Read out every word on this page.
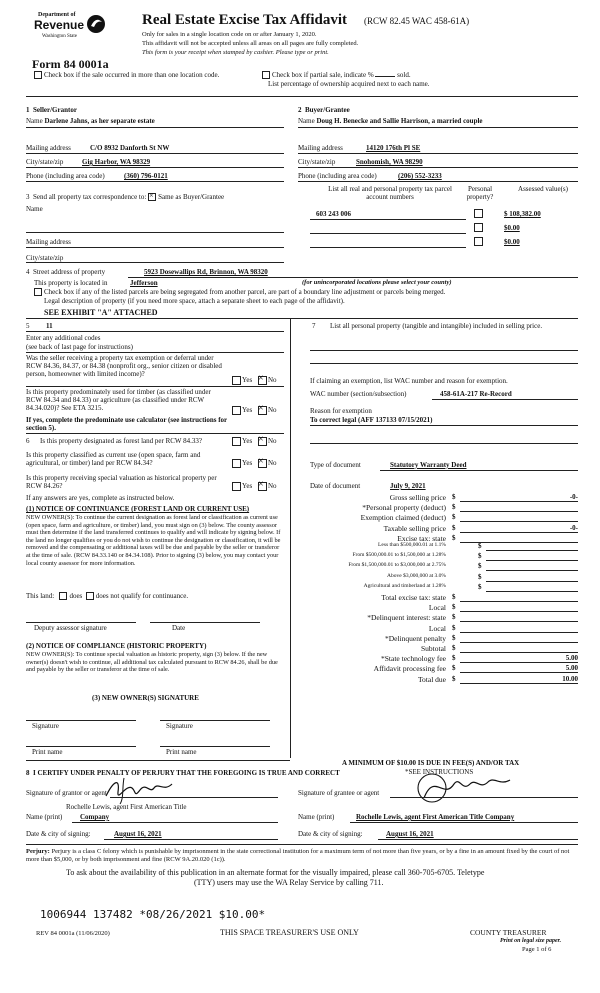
Department of
Revenue
Washington State
Real Estate Excise Tax Affidavit (RCW 82.45 WAC 458-61A)
Only for sales in a single location code on or after January 1, 2020.
This affidavit will not be accepted unless all areas on all pages are fully completed.
This form is your receipt when stamped by cashier. Please type or print.
Form 84 0001a
Check box if the sale occurred in more than one location code.	Check box if partial sale, indicate %	sold.
List percentage of ownership acquired next to each name.
1 Seller/Grantor
Name Darlene Jahns, as her separate estate
2 Buyer/Grantee
Name Doug H. Benecke and Sallie Harrison, a married couple
Mailing address	C/O 8932 Danforth St NW
City/state/zip	Gig Harbor, WA 98329
Phone (including area code)	(360) 796-0121
Mailing address	14120 176th Pl SE
City/state/zip	Snohomish, WA 98290
Phone (including area code)	(206) 552-3233
3 Send all property tax correspondence to: × Same as Buyer/Grantee
Name
Mailing address
City/state/zip
List all real and personal property tax parcel account numbers
Personal property?
Assessed value(s)
603 243 006	$ 108,382.00
$0.00
$0.00
4 Street address of property	5923 Dosewallips Rd, Brinnon, WA 98320
This property is located in	Jefferson	(for unincorporated locations please select your county)
Check box if any of the listed parcels are being segregated from another parcel, are part of a boundary line adjustment or parcels being merged.
Legal description of property (if you need more space, attach a separate sheet to each page of the affidavit).
SEE EXHIBIT "A" ATTACHED
5 11
Enter any additional codes
(see back of last page for instructions)
Was the seller receiving a property tax exemption or deferral under RCW 84.36, 84.37, or 84.38 (nonprofit org., senior citizen or disabled person, homeowner with limited income)?
Yes × No
Is this property predominately used for timber (as classified under RCW 84.34 and 84.33) or agriculture (as classified under RCW 84.34.020)? See ETA 3215.	Yes × No
If yes, complete the predominate use calculator (see instructions for section 5).
6 Is this property designated as forest land per RCW 84.33?	Yes × No
Is this property classified as current use (open space, farm and agricultural, or timber) land per RCW 84.34?	Yes × No
Is this property receiving special valuation as historical property per RCW 84.26?	Yes × No
If any answers are yes, complete as instructed below.
(1) NOTICE OF CONTINUANCE (FOREST LAND OR CURRENT USE)
NEW OWNER(S): To continue the current designation as forest land or classification as current use (open space, farm and agriculture, or timber) land, you must sign on (3) below. The county assessor must then determine if the land transferred continues to qualify and will indicate by signing below. If the land no longer qualifies or you do not wish to continue the designation or classification, it will be removed and the compensating or additional taxes will be due and payable by the seller or transferor at the time of sale. (RCW 84.33.140 or 84.34.108). Prior to signing (3) below, you may contact your local county assessor for more information.
This land: does does not qualify for continuance.
Deputy assessor signature	Date
(2) NOTICE OF COMPLIANCE (HISTORIC PROPERTY)
NEW OWNER(S): To continue special valuation as historic property, sign (3) below. If the new owner(s) doesn't wish to continue, all additional tax calculated pursuant to RCW 84.26, shall be due and payable by the seller or transferor at the time of sale.
(3) NEW OWNER(S) SIGNATURE
Signature	Signature
Print name	Print name
7 List all personal property (tangible and intangible) included in selling price.
If claiming an exemption, list WAC number and reason for exemption.
WAC number (section/subsection)	458-61A-217 Re-Record
Reason for exemption
To correct legal (AFF 137133 07/15/2021)
Type of document	Statutory Warranty Deed
Date of document	July 9, 2021
Gross selling price $	-0-
*Personal property (deduct) $
Exemption claimed (deduct) $
Taxable selling price $	-0-
Excise tax: state $
Less than $500,000.01 at 1.1%	$
From $500,000.01 to $1,500,000 at 1.28%	$
From $1,500,000.01 to $3,000,000 at 2.75%	$
Above $3,000,000 at 3.0%	$
Agricultural and timberland at 1.28%	$
Total excise tax: state $
Local $
*Delinquent interest: state $
Local $
*Delinquent penalty $
Subtotal $
*State technology fee $	5.00
Affidavit processing fee $	5.00
Total due $	10.00
A MINIMUM OF $10.00 IS DUE IN FEE(S) AND/OR TAX
*SEE INSTRUCTIONS
8 I CERTIFY UNDER PENALTY OF PERJURY THAT THE FOREGOING IS TRUE AND CORRECT
Signature of grantor or agent
Rochelle Lewis, agent First American Title
Name (print)	Company
Date & city of signing:	August 16, 2021
Signature of grantee or agent
Name (print)	Rochelle Lewis, agent First American Title Company
Date & city of signing:	August 16, 2021
Perjury: Perjury is a class C felony which is punishable by imprisonment in the state correctional institution for a maximum term of not more than five years, or by a fine in an amount fixed by the court of not more than $5,000, or by both imprisonment and fine (RCW 9A.20.020 (1c)).
To ask about the availability of this publication in an alternate format for the visually impaired, please call 360-705-6705. Teletype
(TTY) users may use the WA Relay Service by calling 711.
1006944 137482 *08/26/2021 $10.00*
REV 84 0001a (11/06/2020)	THIS SPACE TREASURER'S USE ONLY	COUNTY TREASURER
Print on legal size paper.
Page 1 of 6
